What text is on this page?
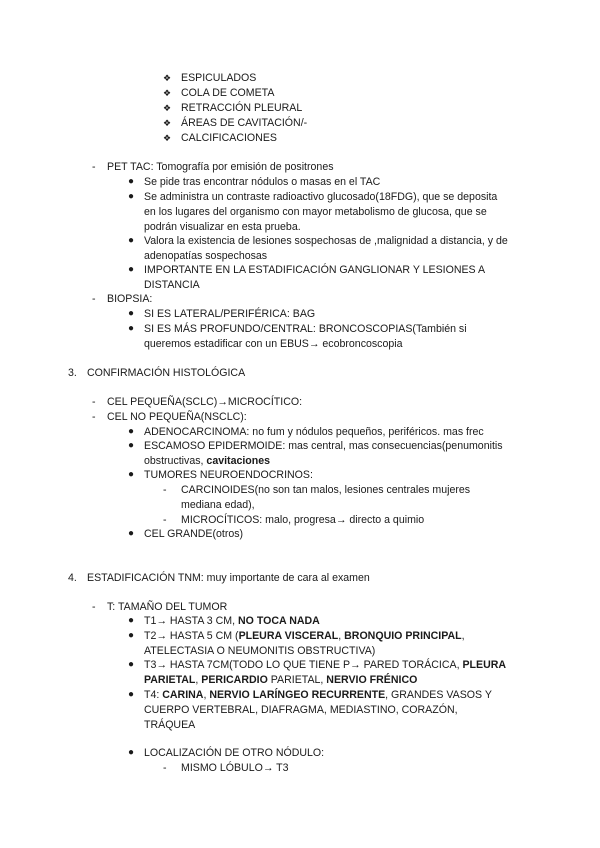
❖ ESPICULADOS
❖ COLA DE COMETA
❖ RETRACCIÓN PLEURAL
❖ ÁREAS DE CAVITACIÓN/-
❖ CALCIFICACIONES
- PET TAC: Tomografía por emisión de positrones
● Se pide tras encontrar nódulos o masas en el TAC
● Se administra un contraste radioactivo glucosado(18FDG), que se deposita
en los lugares del organismo con mayor metabolismo de glucosa, que se
podrán visualizar en esta prueba.
● Valora la existencia de lesiones sospechosas de ,malignidad a distancia, y de
adenopatías sospechosas
● IMPORTANTE EN LA ESTADIFICACIÓN GANGLIONAR Y LESIONES A
DISTANCIA
- BIOPSIA:
● SI ES LATERAL/PERIFÉRICA: BAG
● SI ES MÁS PROFUNDO/CENTRAL: BRONCOSCOPIAS(También si
queremos estadificar con un EBUS→ ecobroncoscopia
3. CONFIRMACIÓN HISTOLÓGICA
- CEL PEQUEÑA(SCLC)→MICROCÍTICO:
- CEL NO PEQUEÑA(NSCLC):
● ADENOCARCINOMA: no fum y nódulos pequeños, periféricos. mas frec
● ESCAMOSO EPIDERMOIDE: mas central, mas consecuencias(penumonitis
obstructivas, cavitaciones
● TUMORES NEUROENDOCRINOS:
- CARCINOIDES(no son tan malos, lesiones centrales mujeres
mediana edad),
- MICROCÍTICOS: malo, progresa→ directo a quimio
● CEL GRANDE(otros)
4. ESTADIFICACIÓN TNM: muy importante de cara al examen
- T: TAMAÑO DEL TUMOR
● T1→ HASTA 3 CM, NO TOCA NADA
● T2→ HASTA 5 CM (PLEURA VISCERAL, BRONQUIO PRINCIPAL,
ATELECTASIA O NEUMONITIS OBSTRUCTIVA)
● T3→ HASTA 7CM(TODO LO QUE TIENE P→ PARED TORÁCICA, PLEURA
PARIETAL, PERICARDIO PARIETAL, NERVIO FRÉNICO
● T4: CARINA, NERVIO LARÍNGEO RECURRENTE, GRANDES VASOS Y
CUERPO VERTEBRAL, DIAFRAGMA, MEDIASTINO, CORAZÓN,
TRÁQUEA
● LOCALIZACIÓN DE OTRO NÓDULO:
- MISMO LÓBULO→ T3
